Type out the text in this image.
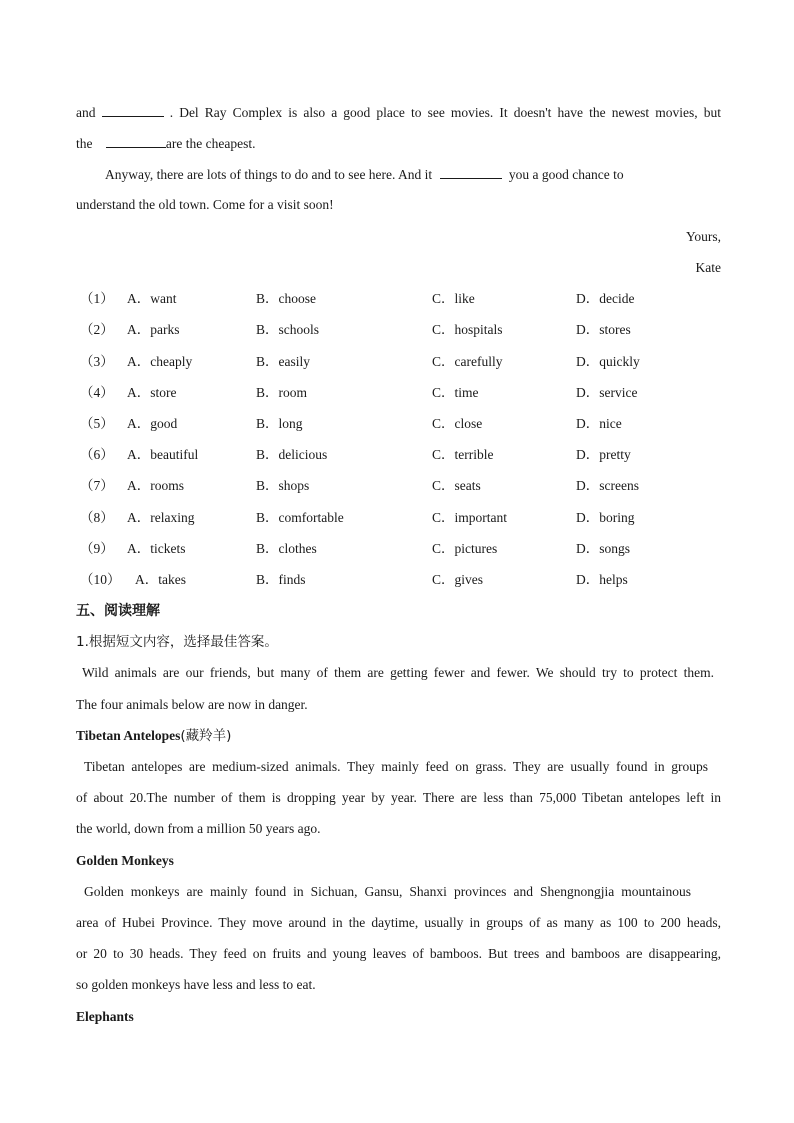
and	. Del Ray Complex is also a good place to see movies. It doesn't have the newest movies, but
the	are the cheapest.
Anyway, there are lots of things to do and to see here. And it	you a good chance to
understand the old town. Come for a visit soon!
Yours,
Kate
（1） A．want	B．choose	C．like	D．decide
（2） A．parks	B．schools	C．hospitals	D．stores
（3） A．cheaply	B．easily	C．carefully	D．quickly
（4） A．store	B．room	C．time	D．service
（5） A．good	B．long	C．close	D．nice
（6） A．beautiful	B．delicious	C．terrible	D．pretty
（7） A．rooms	B．shops	C．seats	D．screens
（8） A．relaxing	B．comfortable	C．important	D．boring
（9） A．tickets	B．clothes	C．pictures	D．songs
（10） A．takes	B．finds	C．gives	D．helps
五、阅读理解
1.根据短文内容，选择最佳答案。
Wild animals are our friends, but many of them are getting fewer and fewer. We should try to protect them.
The four animals below are now in danger.
Tibetan Antelopes(藏羚羊)
Tibetan antelopes are medium-sized animals. They mainly feed on grass. They are usually found in groups
of about 20.The number of them is dropping year by year. There are less than 75,000 Tibetan antelopes left in
the world, down from a million 50 years ago.
Golden Monkeys
Golden monkeys are mainly found in Sichuan, Gansu, Shanxi provinces and Shengnongjia mountainous
area of Hubei Province. They move around in the daytime, usually in groups of as many as 100 to 200 heads,
or 20 to 30 heads. They feed on fruits and young leaves of bamboos. But trees and bamboos are disappearing,
so golden monkeys have less and less to eat.
Elephants
